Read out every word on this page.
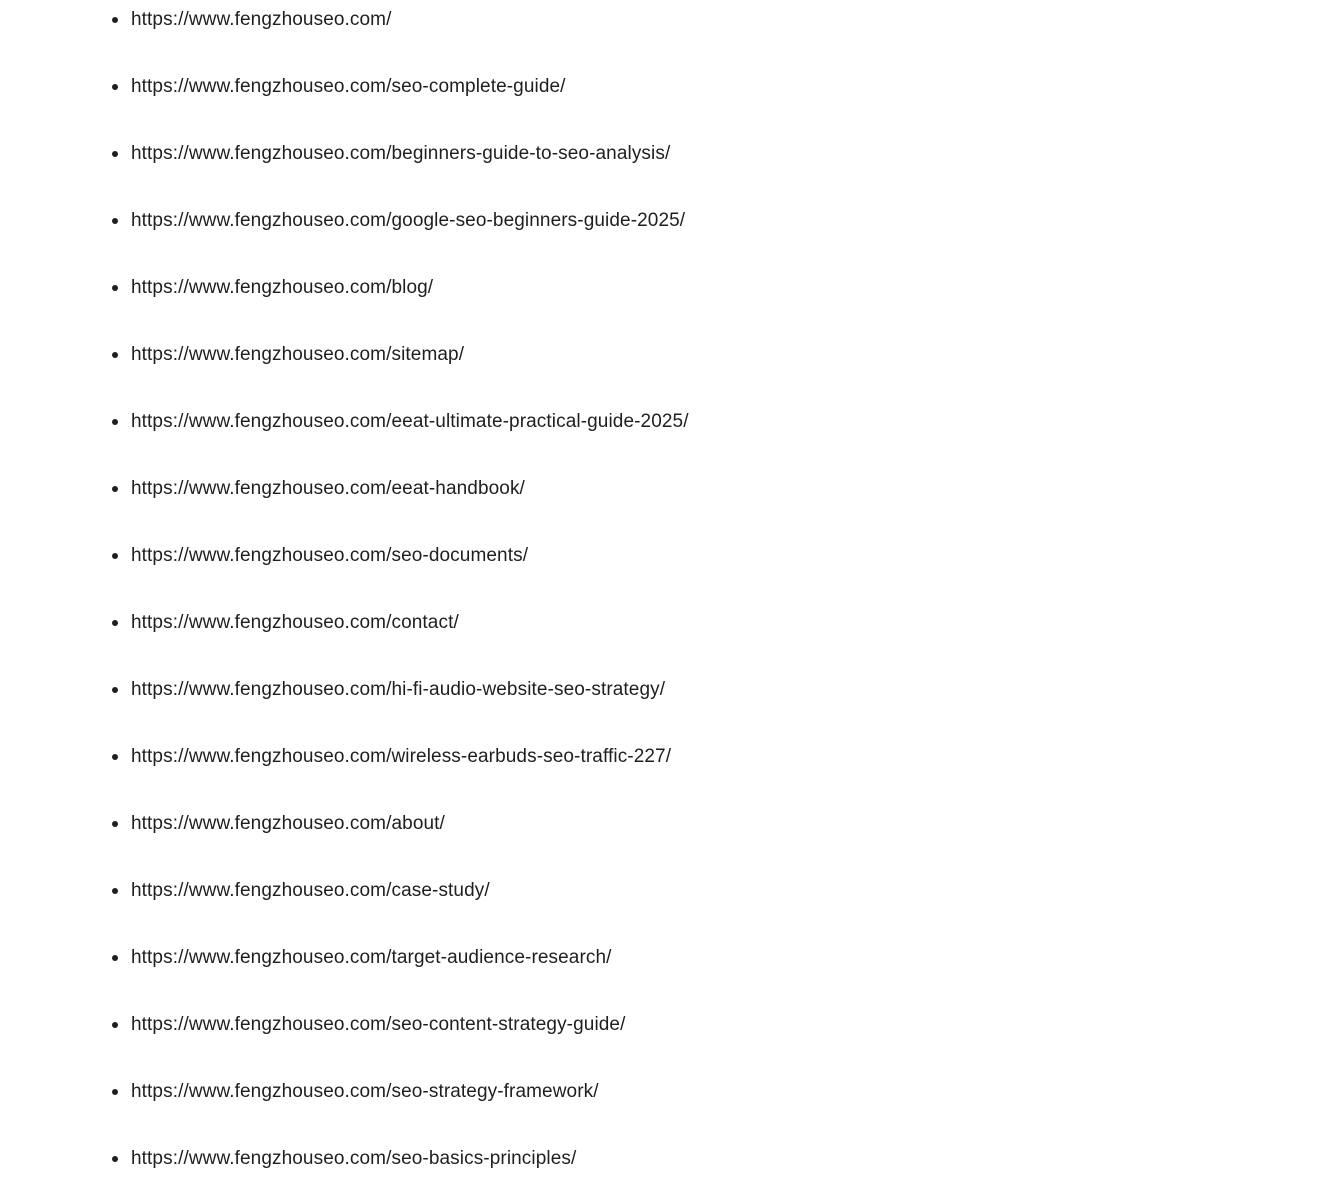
https://www.fengzhouseo.com/
https://www.fengzhouseo.com/seo-complete-guide/
https://www.fengzhouseo.com/beginners-guide-to-seo-analysis/
https://www.fengzhouseo.com/google-seo-beginners-guide-2025/
https://www.fengzhouseo.com/blog/
https://www.fengzhouseo.com/sitemap/
https://www.fengzhouseo.com/eeat-ultimate-practical-guide-2025/
https://www.fengzhouseo.com/eeat-handbook/
https://www.fengzhouseo.com/seo-documents/
https://www.fengzhouseo.com/contact/
https://www.fengzhouseo.com/hi-fi-audio-website-seo-strategy/
https://www.fengzhouseo.com/wireless-earbuds-seo-traffic-227/
https://www.fengzhouseo.com/about/
https://www.fengzhouseo.com/case-study/
https://www.fengzhouseo.com/target-audience-research/
https://www.fengzhouseo.com/seo-content-strategy-guide/
https://www.fengzhouseo.com/seo-strategy-framework/
https://www.fengzhouseo.com/seo-basics-principles/
